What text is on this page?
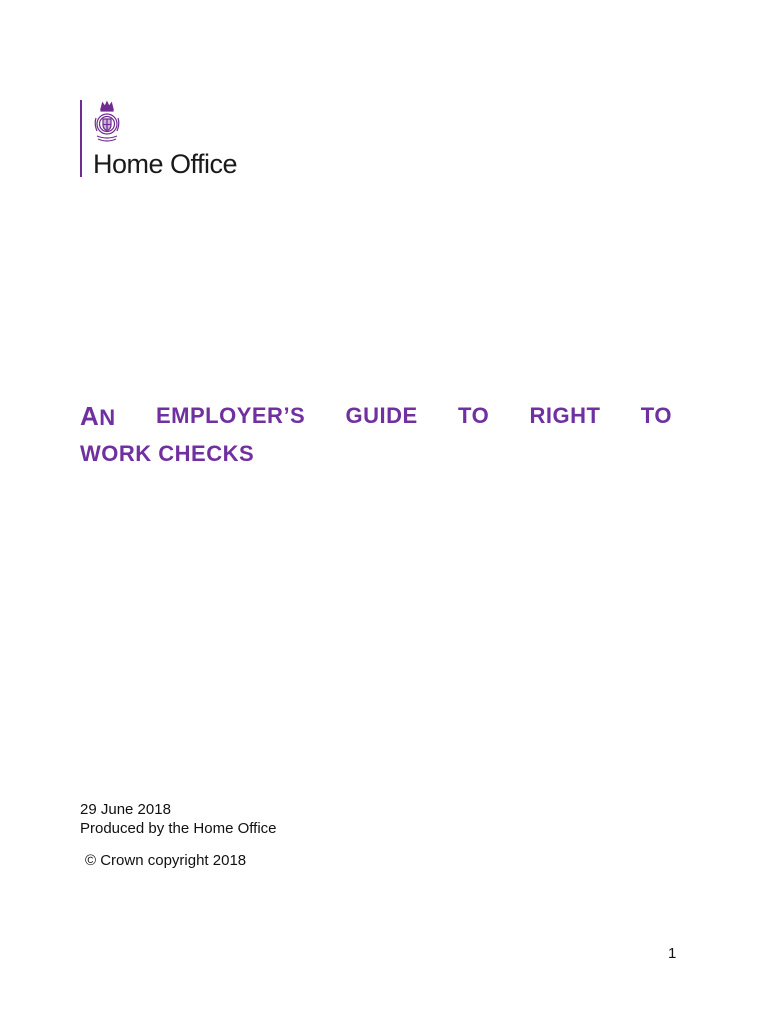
Home Office
AN EMPLOYER’S GUIDE TO RIGHT TO
WORK CHECKS
29 June 2018
Produced by the Home Office
© Crown copyright 2018
1
